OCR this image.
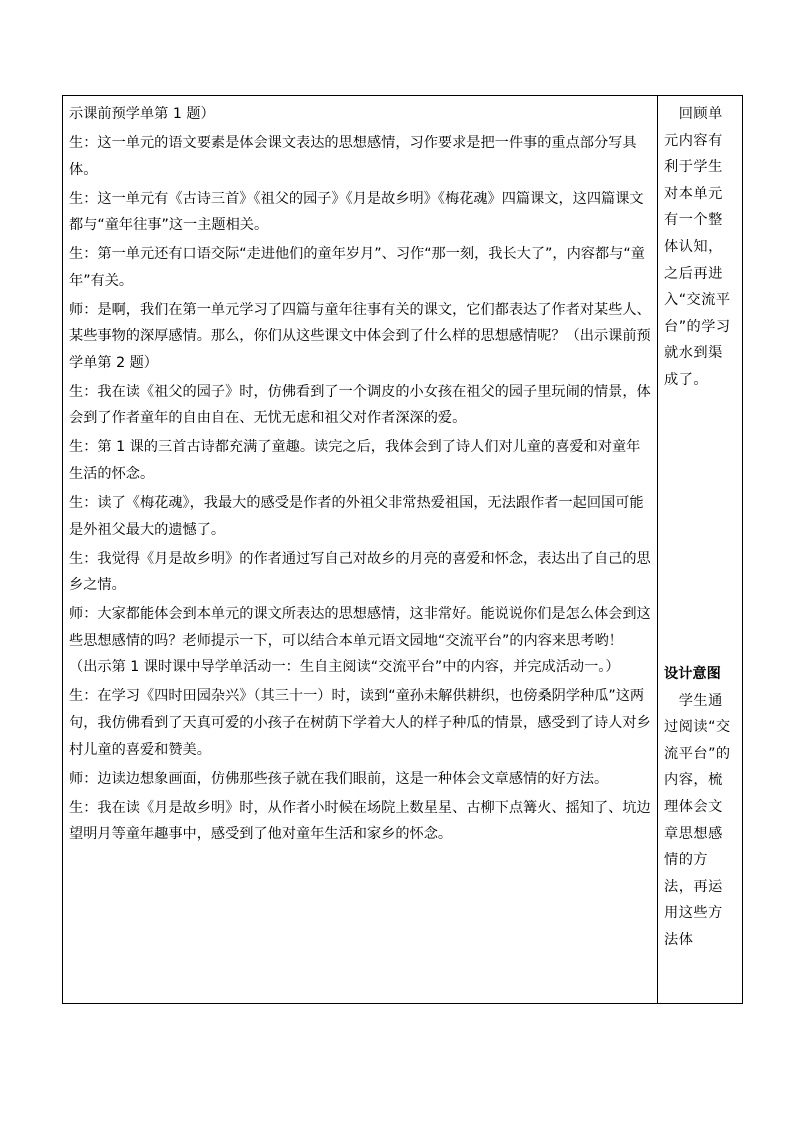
示课前预学单第 1 题）

生：这一单元的语文要素是体会课文表达的思想感情，习作要求是把一件事的重点部分写具体。

生：这一单元有《古诗三首》《祖父的园子》《月是故乡明》《梅花魂》四篇课文，这四篇课文都与“童年往事”这一主题相关。

生：第一单元还有口语交际“走进他们的童年岁月”、习作“那一刻，我长大了”，内容都与“童年”有关。

师：是啊，我们在第一单元学习了四篇与童年往事有关的课文，它们都表达了作者对某些人、某些事物的深厚感情。那么，你们从这些课文中体会到了什么样的思想感情呢？（出示课前预学单第 2 题）

生：我在读《祖父的园子》时，仿佛看到了一个调皮的小女孩在祖父的园子里玩闹的情景，体会到了作者童年的自由自在、无忧无虑和祖父对作者深深的爱。

生：第 1 课的三首古诗都充满了童趣。读完之后，我体会到了诗人们对儿童的喜爱和对童年生活的怀念。

生：读了《梅花魂》，我最大的感受是作者的外祖父非常热爱祖国，无法跟作者一起回国可能是外祖父最大的遗憾了。

生：我觉得《月是故乡明》的作者通过写自己对故乡的月亮的喜爱和怀念，表达出了自己的思乡之情。

师：大家都能体会到本单元的课文所表达的思想感情，这非常好。能说说你们是怎么体会到这些思想感情的吗？老师提示一下，可以结合本单元语文园地“交流平台”的内容来思考哟！（出示第 1 课时课中导学单活动一：生自主阅读“交流平台”中的内容，并完成活动一。）

生：在学习《四时田园杂兴》（其三十一）时，读到“童孙未解供耕织，也傍桑阴学种瓜”这两句，我仿佛看到了天真可爱的小孩子在树荫下学着大人的样子种瓜的情景，感受到了诗人对乡村儿童的喜爱和赞美。

师：边读边想象画面，仿佛那些孩子就在我们眼前，这是一种体会文章感情的好方法。

生：我在读《月是故乡明》时，从作者小时候在场院上数星星、古柳下点篝火、摇知了、坑边望明月等童年趣事中，感受到了他对童年生活和家乡的怀念。

　回顾单元内容有利于学生对本单元有一个整体认知，之后再进入“交流平台”的学习就水到渠成了。

设计意图

　学生通过阅读“交流平台”的内容，梳理体会文章思想感情的方法，再运用这些方法体
